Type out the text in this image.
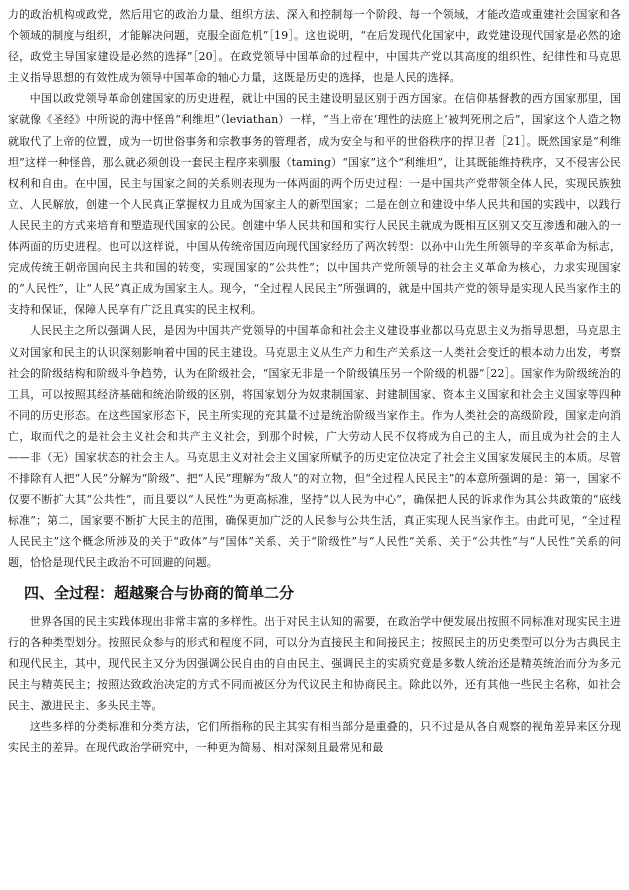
力的政治机构或政党，然后用它的政治力量、组织方法、深入和控制每一个阶段、每一个领域，才能改造或重建社会国家和各个领域的制度与组织，才能解决问题，克服全面危机”［19］。这也说明，“在后发现代化国家中，政党建设现代国家是必然的途径，政党主导国家建设是必然的选择”［20］。在政党领导中国革命的过程中，中国共产党以其高度的组织性、纪律性和马克思主义指导思想的有效性成为领导中国革命的轴心力量，这既是历史的选择，也是人民的选择。

中国以政党领导革命创建国家的历史进程，就让中国的民主建设明显区别于西方国家。在信仰基督教的西方国家那里，国家就像《圣经》中所说的海中怪兽“利维坦”（leviathan）一样，“当上帝在‘理性的法庭上’被判死刑之后”，国家这个人造之物就取代了上帝的位置，成为一切世俗事务和宗教事务的管理者，成为安全与和平的世俗秩序的捍卫者［21］。既然国家是“利维坦”这样一种怪兽，那么就必须创设一套民主程序来驯服（taming）“国家”这个“利维坦”，让其既能维持秩序，又不侵害公民权利和自由。在中国，民主与国家之间的关系则表现为一体两面的两个历史过程：一是中国共产党带领全体人民，实现民族独立、人民解放，创建一个人民真正掌握权力且成为国家主人的新型国家；二是在创立和建设中华人民共和国的实践中，以践行人民民主的方式来培育和塑造现代国家的公民。创建中华人民共和国和实行人民民主就成为既相互区别又交互渗透和融入的一体两面的历史进程。也可以这样说，中国从传统帝国迈向现代国家经历了两次转型：以孙中山先生所领导的辛亥革命为标志，完成传统王朝帝国向民主共和国的转变，实现国家的“公共性”；以中国共产党所领导的社会主义革命为核心，力求实现国家的“人民性”，让“人民”真正成为国家主人。现今，“全过程人民民主”所强调的，就是中国共产党的领导是实现人民当家作主的支持和保证，保障人民享有广泛且真实的民主权利。

人民民主之所以强调人民，是因为中国共产党领导的中国革命和社会主义建设事业都以马克思主义为指导思想，马克思主义对国家和民主的认识深刻影响着中国的民主建设。马克思主义从生产力和生产关系这一人类社会变迁的根本动力出发，考察社会的阶级结构和阶级斗争趋势，认为在阶级社会，“国家无非是一个阶级镇压另一个阶级的机器”［22］。国家作为阶级统治的工具，可以按照其经济基础和统治阶级的区别，将国家划分为奴隶制国家、封建制国家、资本主义国家和社会主义国家等四种不同的历史形态。在这些国家形态下，民主所实现的充其量不过是统治阶级当家作主。作为人类社会的高级阶段，国家走向消亡，取而代之的是社会主义社会和共产主义社会，到那个时候，广大劳动人民不仅将成为自己的主人，而且成为社会的主人——非（无）国家状态的社会主人。马克思主义对社会主义国家所赋予的历史定位决定了社会主义国家发展民主的本质。尽管不排除有人把“人民”分解为“阶级”、把“人民”理解为“敌人”的对立物，但“全过程人民民主”的本意所强调的是：第一，国家不仅要不断扩大其“公共性”，而且要以“人民性”为更高标准，坚持“以人民为中心”，确保把人民的诉求作为其公共政策的“底线标准”；第二，国家要不断扩大民主的范围，确保更加广泛的人民参与公共生活，真正实现人民当家作主。由此可见，“全过程人民民主”这个概念所涉及的关于“政体”与“国体”关系、关于“阶级性”与“人民性”关系、关于“公共性”与“人民性”关系的问题，恰恰是现代民主政治不可回避的问题。

四、全过程：超越聚合与协商的简单二分

世界各国的民主实践体现出非常丰富的多样性。出于对民主认知的需要，在政治学中便发展出按照不同标准对现实民主进行的各种类型划分。按照民众参与的形式和程度不同，可以分为直接民主和间接民主；按照民主的历史类型可以分为古典民主和现代民主，其中，现代民主又分为因强调公民自由的自由民主、强调民主的实质究竟是多数人统治还是精英统治而分为多元民主与精英民主；按照达致政治决定的方式不同而被区分为代议民主和协商民主。除此以外，还有其他一些民主名称，如社会民主、激进民主、多头民主等。

这些多样的分类标准和分类方法，它们所指称的民主其实有相当部分是重叠的，只不过是从各自观察的视角差异来区分现实民主的差异。在现代政治学研究中，一种更为简易、相对深刻且最常见和最
